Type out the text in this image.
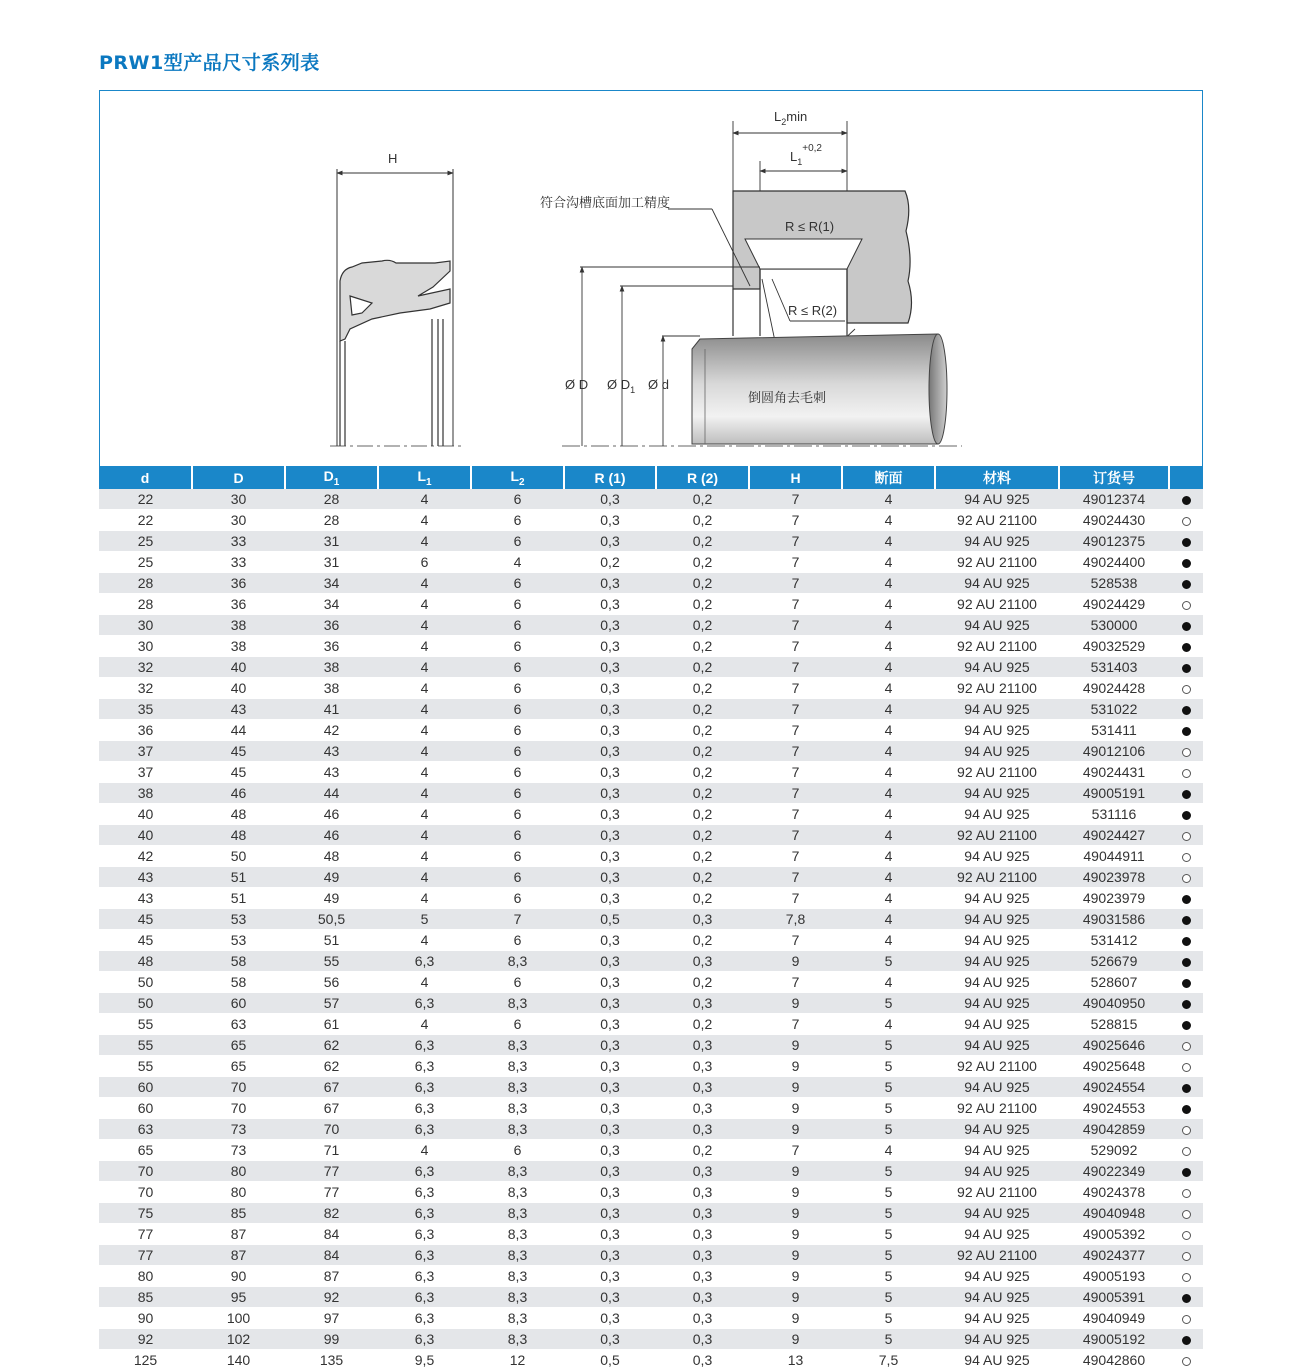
PRW1型产品尺寸系列表
H
$L_2\min$
$L_1^{+0,2}$
符合沟槽底面加工精度
R ≤ R(1)
R ≤ R(2)
倒圆角去毛刺
Ø D Ø $D_1$ Ø d
d	D	$D_1$	$L_1$	$L_2$	R (1)	R (2)	H	断面	材料	订货号	
22	30	28	4	6	0,3	0,2	7	4	94 AU 925	49012374	
22	30	28	4	6	0,3	0,2	7	4	92 AU 21100	49024430	
25	33	31	4	6	0,3	0,2	7	4	94 AU 925	49012375	
25	33	31	6	4	0,2	0,2	7	4	92 AU 21100	49024400	
28	36	34	4	6	0,3	0,2	7	4	94 AU 925	528538	
28	36	34	4	6	0,3	0,2	7	4	92 AU 21100	49024429	
30	38	36	4	6	0,3	0,2	7	4	94 AU 925	530000	
30	38	36	4	6	0,3	0,2	7	4	92 AU 21100	49032529	
32	40	38	4	6	0,3	0,2	7	4	94 AU 925	531403	
32	40	38	4	6	0,3	0,2	7	4	92 AU 21100	49024428	
35	43	41	4	6	0,3	0,2	7	4	94 AU 925	531022	
36	44	42	4	6	0,3	0,2	7	4	94 AU 925	531411	
37	45	43	4	6	0,3	0,2	7	4	94 AU 925	49012106	
37	45	43	4	6	0,3	0,2	7	4	92 AU 21100	49024431	
38	46	44	4	6	0,3	0,2	7	4	94 AU 925	49005191	
40	48	46	4	6	0,3	0,2	7	4	94 AU 925	531116	
40	48	46	4	6	0,3	0,2	7	4	92 AU 21100	49024427	
42	50	48	4	6	0,3	0,2	7	4	94 AU 925	49044911	
43	51	49	4	6	0,3	0,2	7	4	92 AU 21100	49023978	
43	51	49	4	6	0,3	0,2	7	4	94 AU 925	49023979	
45	53	50,5	5	7	0,5	0,3	7,8	4	94 AU 925	49031586	
45	53	51	4	6	0,3	0,2	7	4	94 AU 925	531412	
48	58	55	6,3	8,3	0,3	0,3	9	5	94 AU 925	526679	
50	58	56	4	6	0,3	0,2	7	4	94 AU 925	528607	
50	60	57	6,3	8,3	0,3	0,3	9	5	94 AU 925	49040950	
55	63	61	4	6	0,3	0,2	7	4	94 AU 925	528815	
55	65	62	6,3	8,3	0,3	0,3	9	5	94 AU 925	49025646	
55	65	62	6,3	8,3	0,3	0,3	9	5	92 AU 21100	49025648	
60	70	67	6,3	8,3	0,3	0,3	9	5	94 AU 925	49024554	
60	70	67	6,3	8,3	0,3	0,3	9	5	92 AU 21100	49024553	
63	73	70	6,3	8,3	0,3	0,3	9	5	94 AU 925	49042859	
65	73	71	4	6	0,3	0,2	7	4	94 AU 925	529092	
70	80	77	6,3	8,3	0,3	0,3	9	5	94 AU 925	49022349	
70	80	77	6,3	8,3	0,3	0,3	9	5	92 AU 21100	49024378	
75	85	82	6,3	8,3	0,3	0,3	9	5	94 AU 925	49040948	
77	87	84	6,3	8,3	0,3	0,3	9	5	94 AU 925	49005392	
77	87	84	6,3	8,3	0,3	0,3	9	5	92 AU 21100	49024377	
80	90	87	6,3	8,3	0,3	0,3	9	5	94 AU 925	49005193	
85	95	92	6,3	8,3	0,3	0,3	9	5	94 AU 925	49005391	
90	100	97	6,3	8,3	0,3	0,3	9	5	94 AU 925	49040949	
92	102	99	6,3	8,3	0,3	0,3	9	5	94 AU 925	49005192	
125	140	135	9,5	12	0,5	0,3	13	7,5	94 AU 925	49042860	
